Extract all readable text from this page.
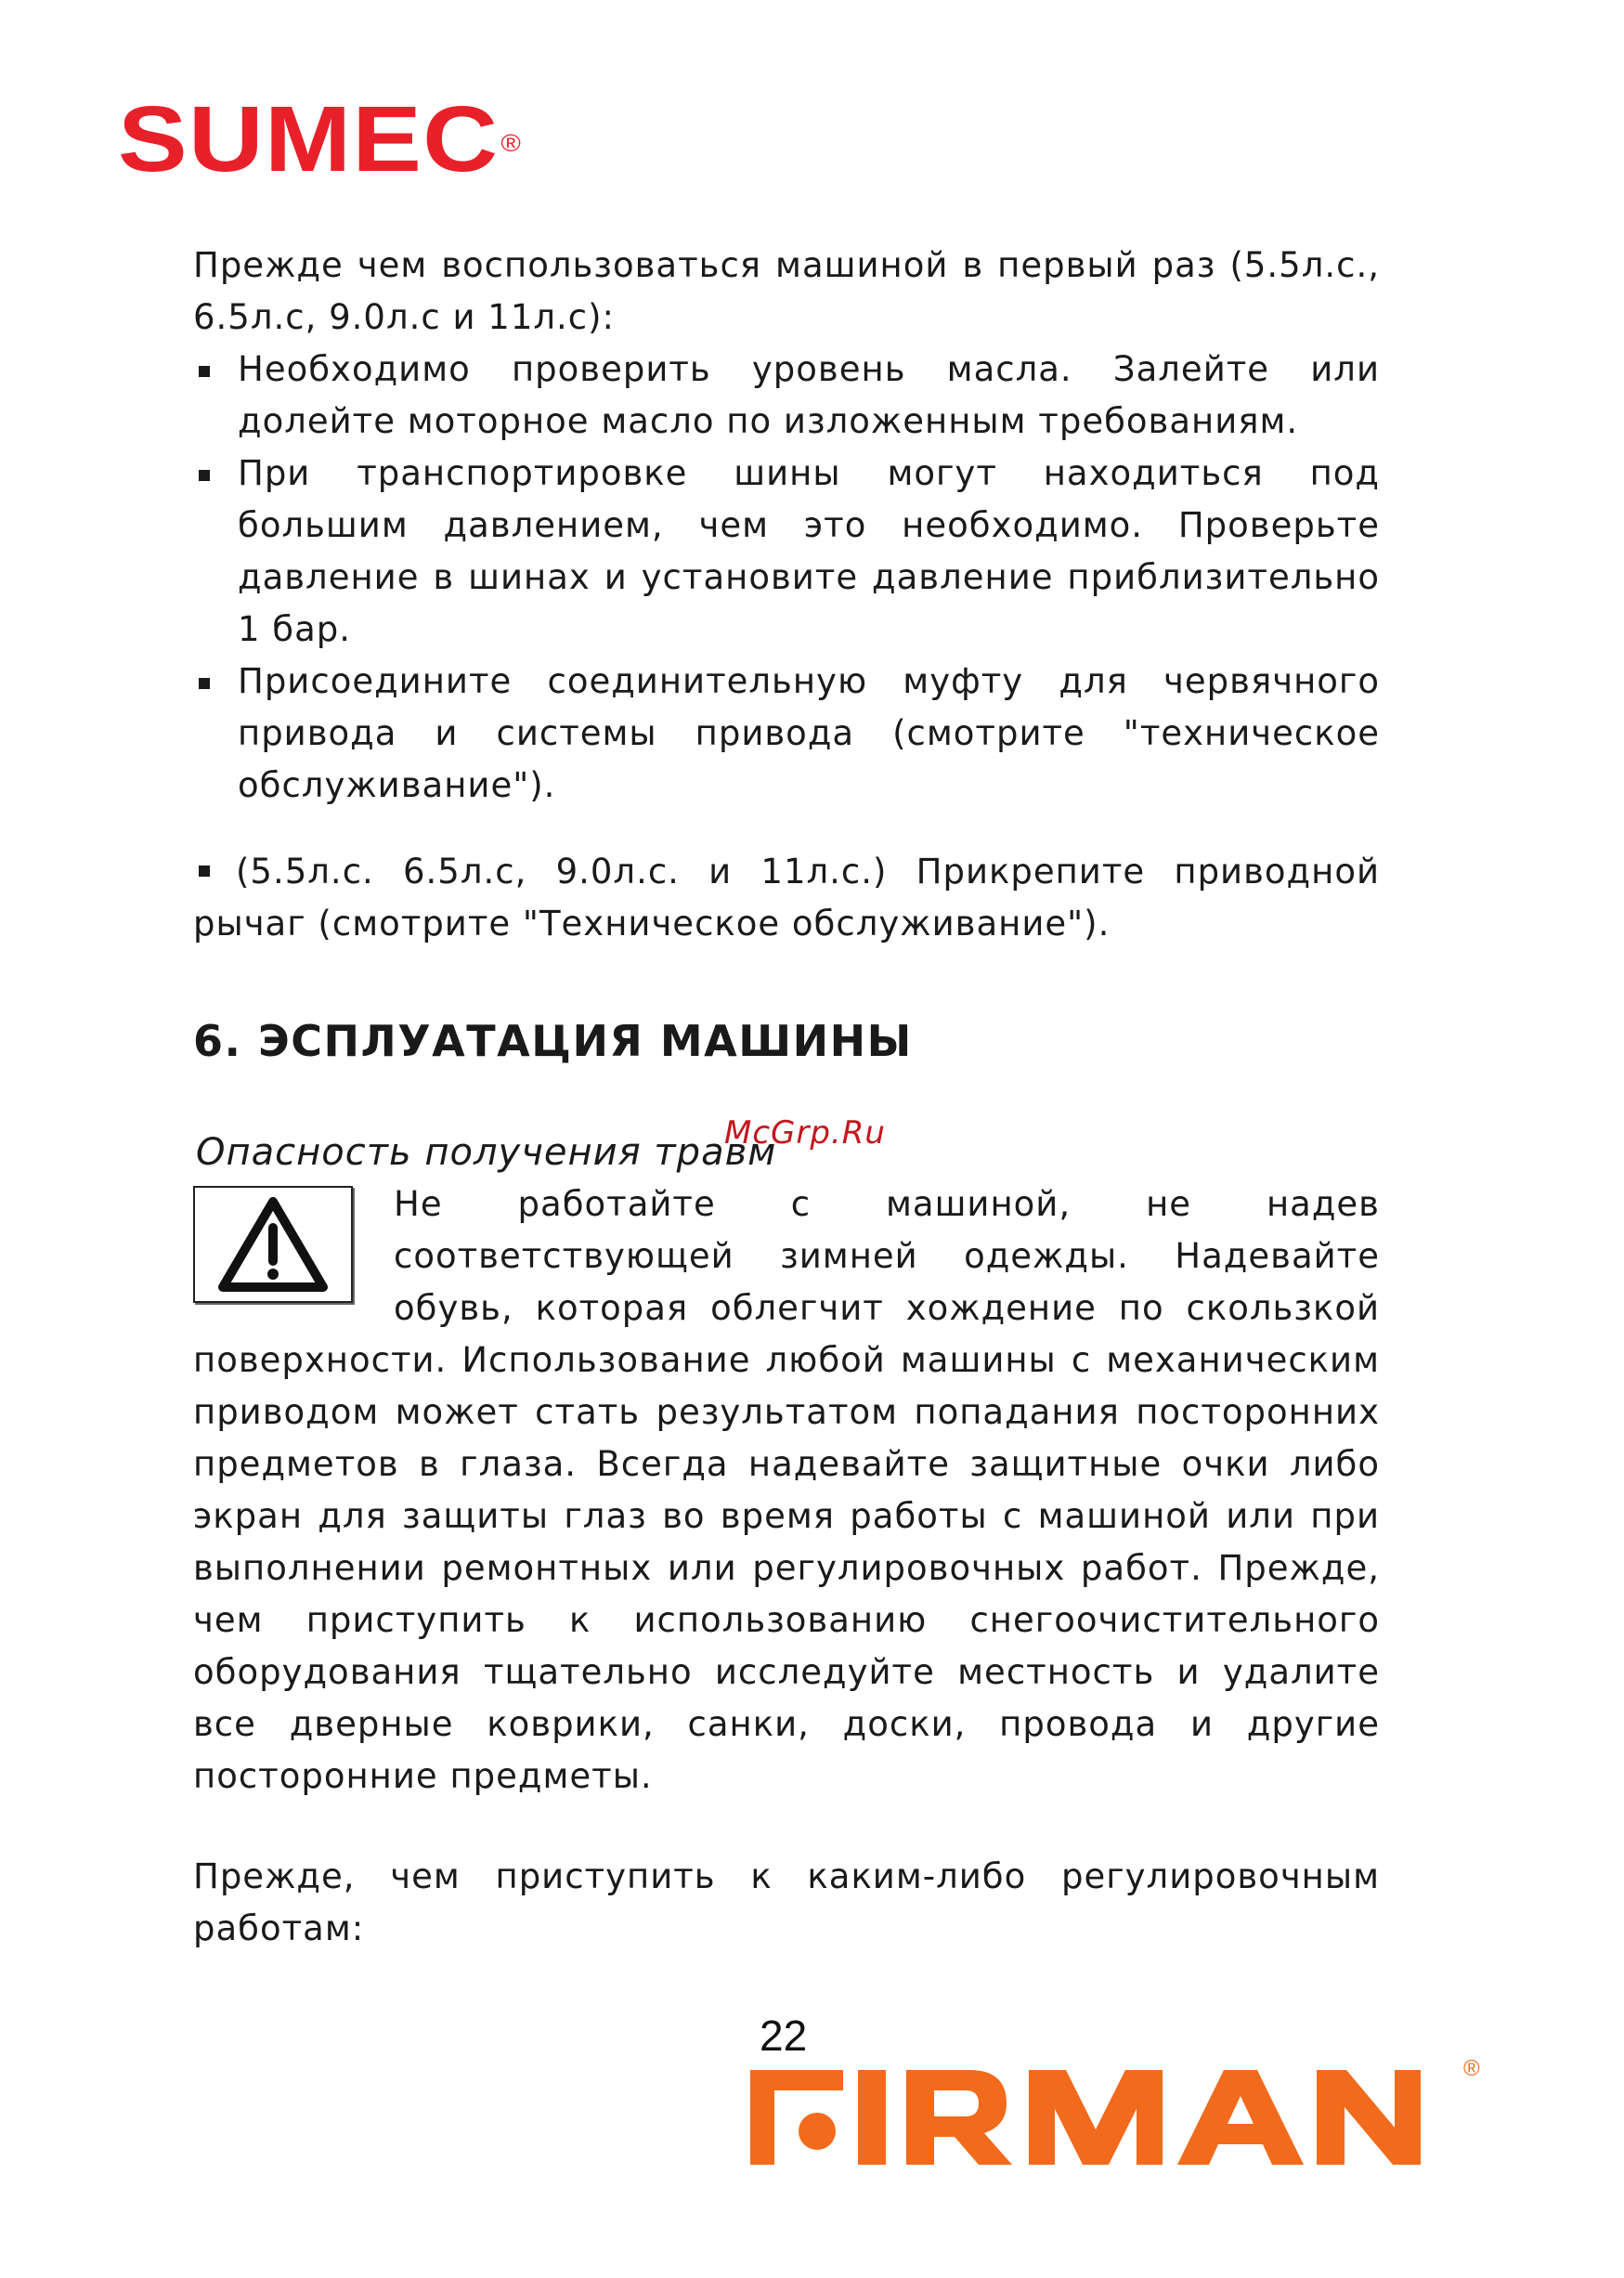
SUMEC®

Прежде чем воспользоваться машиной в первый раз (5.5л.с., 6.5л.с, 9.0л.с и 11л.с):

Необходимо проверить уровень масла. Залейте или долейте моторное масло по изложенным требованиям.
При транспортировке шины могут находиться под большим давлением, чем это необходимо. Проверьте давление в шинах и установите давление приблизительно 1 бар.
Присоедините соединительную муфту для червячного привода и системы привода (смотрите "техническое обслуживание").

(5.5л.с. 6.5л.с, 9.0л.с. и 11л.с.) Прикрепите приводной рычаг (смотрите "Техническое обслуживание").

6. ЭСПЛУАТАЦИЯ МАШИНЫ
Опасность получения травм
Не работайте с машиной, не надев соответствующей зимней одежды. Надевайте обувь, которая облегчит хождение по скользкой поверхности. Использование любой машины с механическим приводом может стать результатом попадания посторонних предметов в глаза. Всегда надевайте защитные очки либо экран для защиты глаз во время работы с машиной или при выполнении ремонтных или регулировочных работ. Прежде, чем приступить к использованию снегоочистительного оборудования тщательно исследуйте местность и удалите все дверные коврики, санки, доски, провода и другие посторонние предметы.

Прежде, чем приступить к каким-либо регулировочным работам:

McGrp.Ru
22
®
